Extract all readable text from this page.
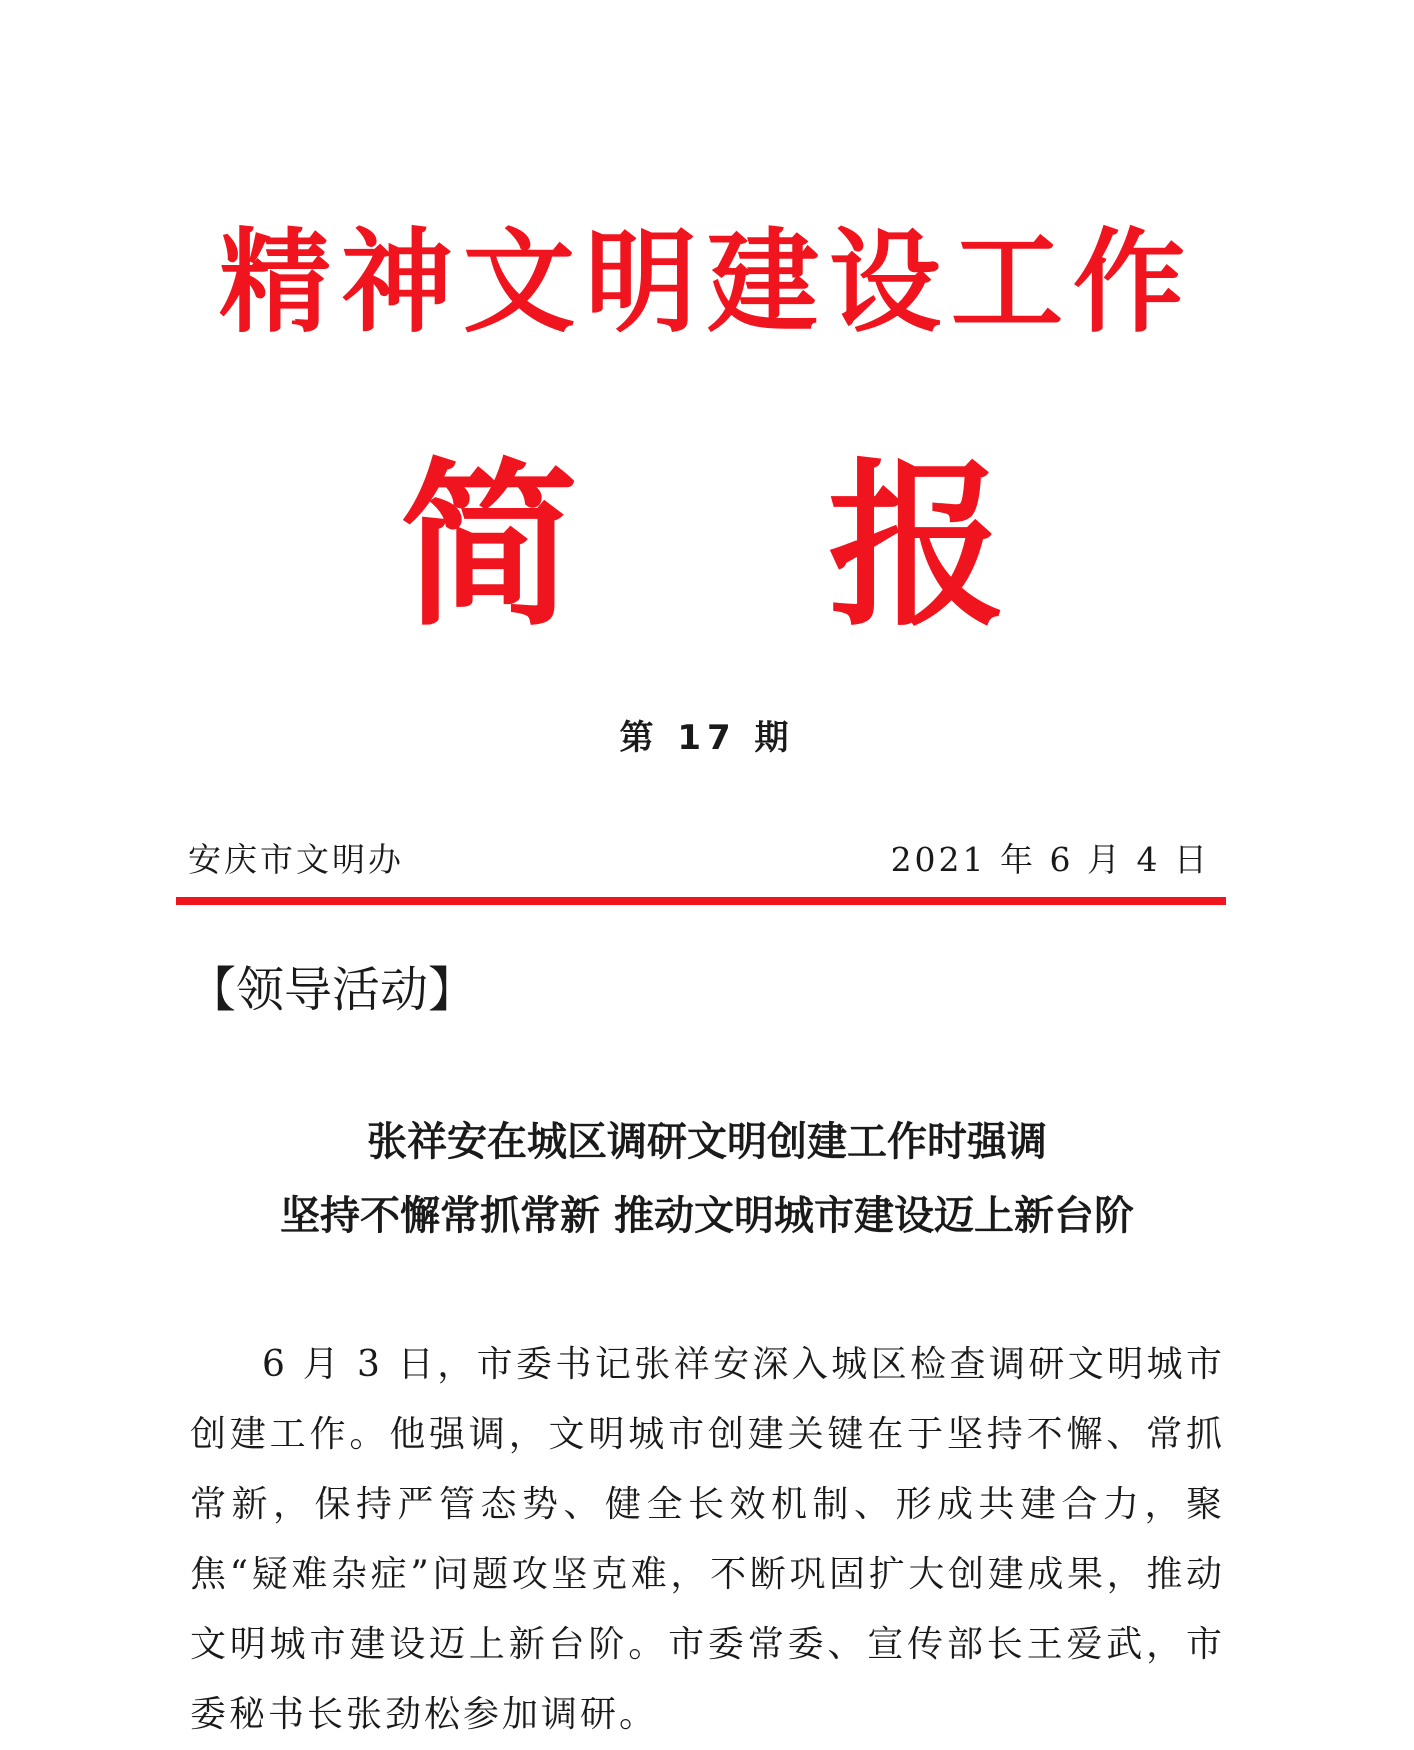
精神文明建设工作
简 报
第 17 期
安庆市文明办	2021 年 6 月 4 日
【领导活动】
张祥安在城区调研文明创建工作时强调
坚持不懈常抓常新 推动文明城市建设迈上新台阶
6 月 3 日，市委书记张祥安深入城区检查调研文明城市创建工作。他强调，文明城市创建关键在于坚持不懈、常抓常新，保持严管态势、健全长效机制、形成共建合力，聚焦“疑难杂症”问题攻坚克难，不断巩固扩大创建成果，推动文明城市建设迈上新台阶。市委常委、宣传部长王爱武，市委秘书长张劲松参加调研。
